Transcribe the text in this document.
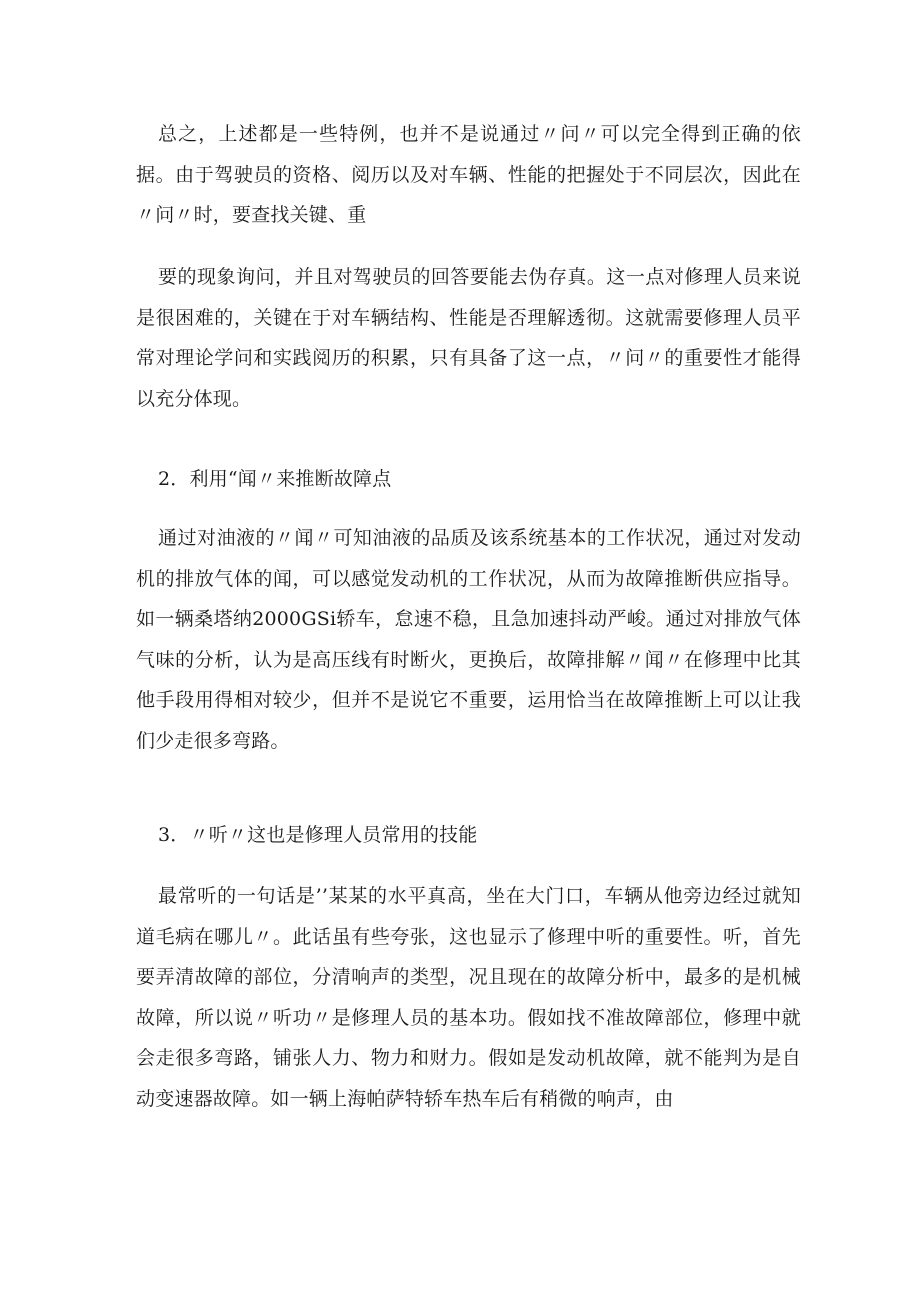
总之，上述都是一些特例，也并不是说通过〃问〃可以完全得到正确的依据。由于驾驶员的资格、阅历以及对车辆、性能的把握处于不同层次，因此在〃问〃时，要查找关键、重

要的现象询问，并且对驾驶员的回答要能去伪存真。这一点对修理人员来说是很困难的，关键在于对车辆结构、性能是否理解透彻。这就需要修理人员平常对理论学问和实践阅历的积累，只有具备了这一点，〃问〃的重要性才能得以充分体现。

2．利用“闻〃来推断故障点

通过对油液的〃闻〃可知油液的品质及该系统基本的工作状况，通过对发动机的排放气体的闻，可以感觉发动机的工作状况，从而为故障推断供应指导。如一辆桑塔纳2000GSi轿车，怠速不稳，且急加速抖动严峻。通过对排放气体气味的分析，认为是高压线有时断火，更换后，故障排解〃闻〃在修理中比其他手段用得相对较少，但并不是说它不重要，运用恰当在故障推断上可以让我们少走很多弯路。

3．〃听〃这也是修理人员常用的技能

最常听的一句话是’’某某的水平真高，坐在大门口，车辆从他旁边经过就知道毛病在哪儿〃。此话虽有些夸张，这也显示了修理中听的重要性。听，首先要弄清故障的部位，分清响声的类型，况且现在的故障分析中，最多的是机械故障，所以说〃听功〃是修理人员的基本功。假如找不准故障部位，修理中就会走很多弯路，铺张人力、物力和财力。假如是发动机故障，就不能判为是自动变速器故障。如一辆上海帕萨特轿车热车后有稍微的响声，由
